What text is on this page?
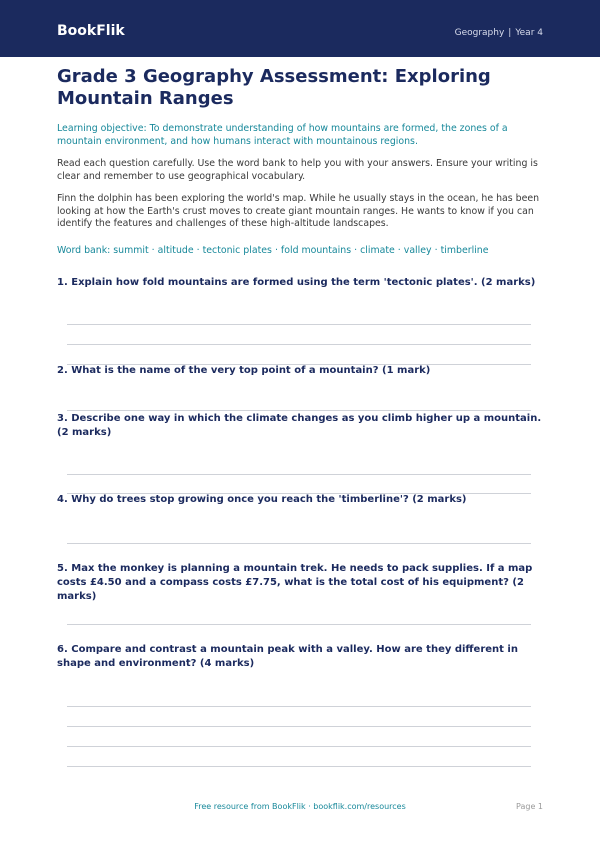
BookFlik	Geography | Year 4
Grade 3 Geography Assessment: Exploring Mountain Ranges

Learning objective: To demonstrate understanding of how mountains are formed, the zones of a mountain environment, and how humans interact with mountainous regions.

Read each question carefully. Use the word bank to help you with your answers. Ensure your writing is clear and remember to use geographical vocabulary.

Finn the dolphin has been exploring the world's map. While he usually stays in the ocean, he has been looking at how the Earth's crust moves to create giant mountain ranges. He wants to know if you can identify the features and challenges of these high-altitude landscapes.

Word bank: summit · altitude · tectonic plates · fold mountains · climate · valley · timberline

1. Explain how fold mountains are formed using the term 'tectonic plates'. (2 marks)

2. What is the name of the very top point of a mountain? (1 mark)

3. Describe one way in which the climate changes as you climb higher up a mountain. (2 marks)

4. Why do trees stop growing once you reach the 'timberline'? (2 marks)

5. Max the monkey is planning a mountain trek. He needs to pack supplies. If a map costs £4.50 and a compass costs £7.75, what is the total cost of his equipment? (2 marks)

6. Compare and contrast a mountain peak with a valley. How are they different in shape and environment? (4 marks)

Free resource from BookFlik · bookflik.com/resources	Page 1
